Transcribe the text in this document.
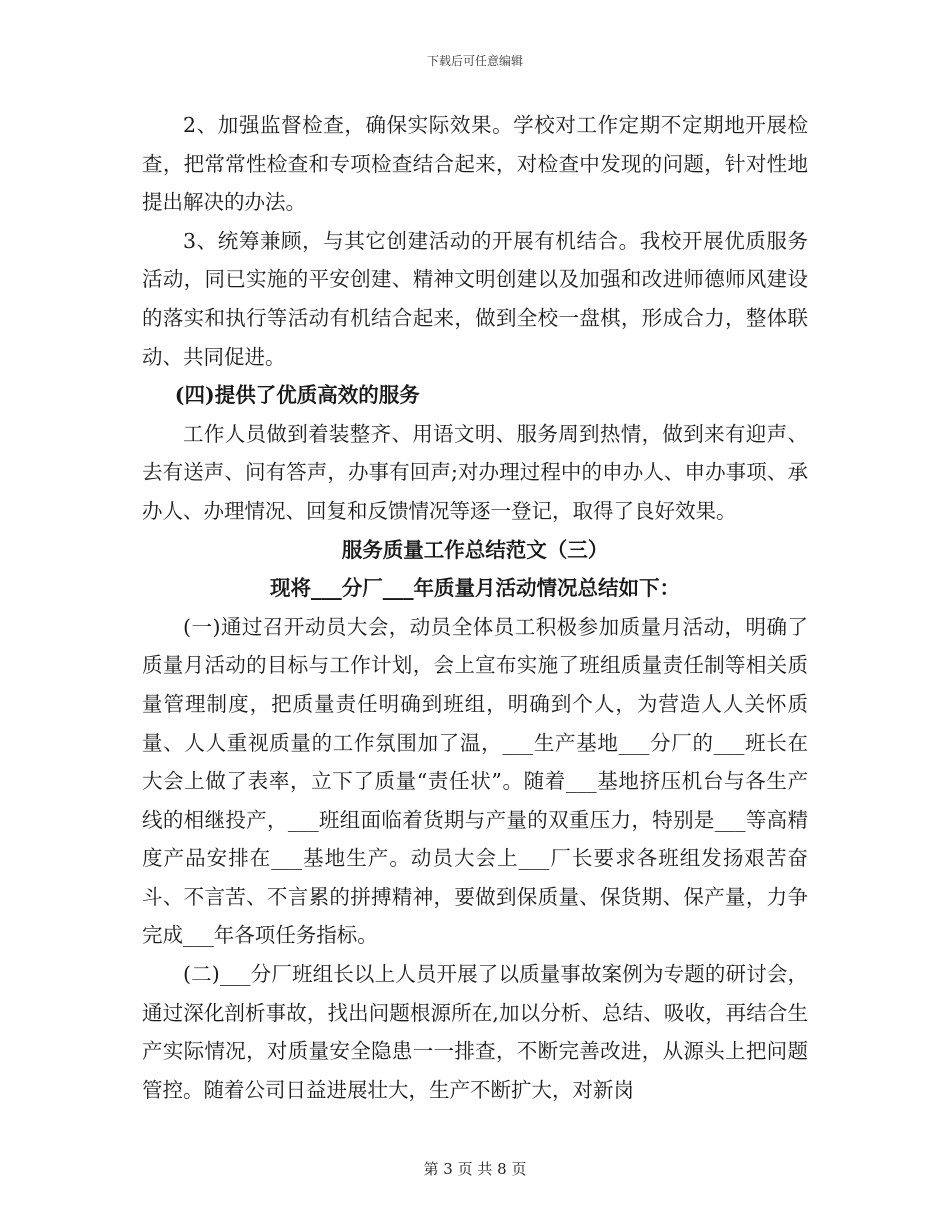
下载后可任意编辑

2、加强监督检查，确保实际效果。学校对工作定期不定期地开展检查，把常常性检查和专项检查结合起来，对检查中发现的问题，针对性地提出解决的办法。

3、统筹兼顾，与其它创建活动的开展有机结合。我校开展优质服务活动，同已实施的平安创建、精神文明创建以及加强和改进师德师风建设的落实和执行等活动有机结合起来，做到全校一盘棋，形成合力，整体联动、共同促进。

(四)提供了优质高效的服务

工作人员做到着装整齐、用语文明、服务周到热情，做到来有迎声、去有送声、问有答声，办事有回声;对办理过程中的申办人、申办事项、承办人、办理情况、回复和反馈情况等逐一登记，取得了良好效果。

服务质量工作总结范文（三）

现将___分厂___年质量月活动情况总结如下：

(一)通过召开动员大会，动员全体员工积极参加质量月活动，明确了质量月活动的目标与工作计划，会上宣布实施了班组质量责任制等相关质量管理制度，把质量责任明确到班组，明确到个人，为营造人人关怀质量、人人重视质量的工作氛围加了温，___生产基地___分厂的___班长在大会上做了表率，立下了质量“责任状”。随着___基地挤压机台与各生产线的相继投产，___班组面临着货期与产量的双重压力，特别是___等高精度产品安排在___基地生产。动员大会上___厂长要求各班组发扬艰苦奋斗、不言苦、不言累的拼搏精神，要做到保质量、保货期、保产量，力争完成___年各项任务指标。

(二)___分厂班组长以上人员开展了以质量事故案例为专题的研讨会，通过深化剖析事故，找出问题根源所在,加以分析、总结、吸收，再结合生产实际情况，对质量安全隐患一一排查，不断完善改进，从源头上把问题管控。随着公司日益进展壮大，生产不断扩大，对新岗

第 3 页 共 8 页
